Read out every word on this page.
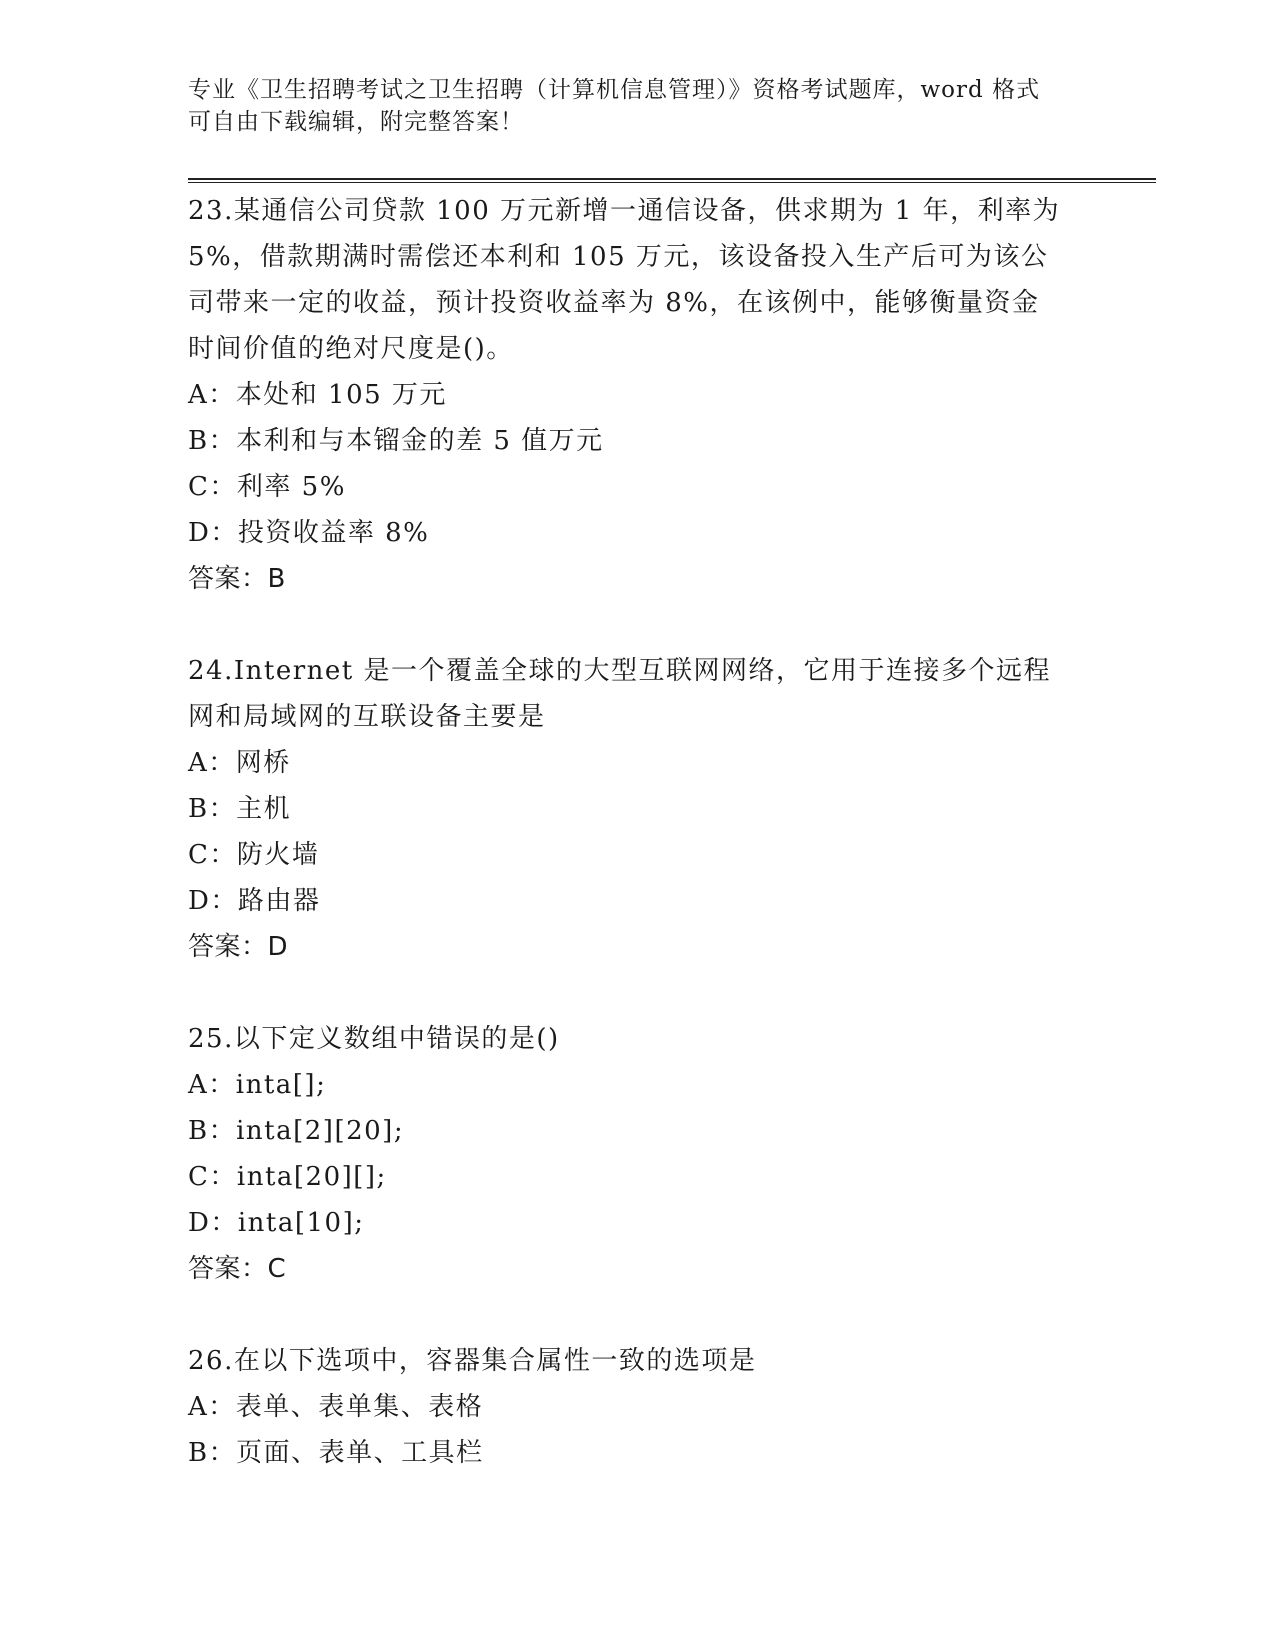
专业《卫生招聘考试之卫生招聘（计算机信息管理）》资格考试题库，word 格式
可自由下载编辑，附完整答案！

23.某通信公司贷款 100 万元新增一通信设备，供求期为 1 年，利率为

5%，借款期满时需偿还本利和 105 万元，该设备投入生产后可为该公

司带来一定的收益，预计投资收益率为 8%，在该例中，能够衡量资金

时间价值的绝对尺度是()。

A：本处和 105 万元

B：本利和与本镏金的差 5 值万元

C：利率 5%

D：投资收益率 8%

答案：B

24.Internet 是一个覆盖全球的大型互联网网络，它用于连接多个远程

网和局域网的互联设备主要是

A：网桥

B：主机

C：防火墙

D：路由器

答案：D

25.以下定义数组中错误的是()

A：inta[];

B：inta[2][20];

C：inta[20][];

D：inta[10];

答案：C

26.在以下选项中，容器集合属性一致的选项是

A：表单、表单集、表格

B：页面、表单、工具栏
